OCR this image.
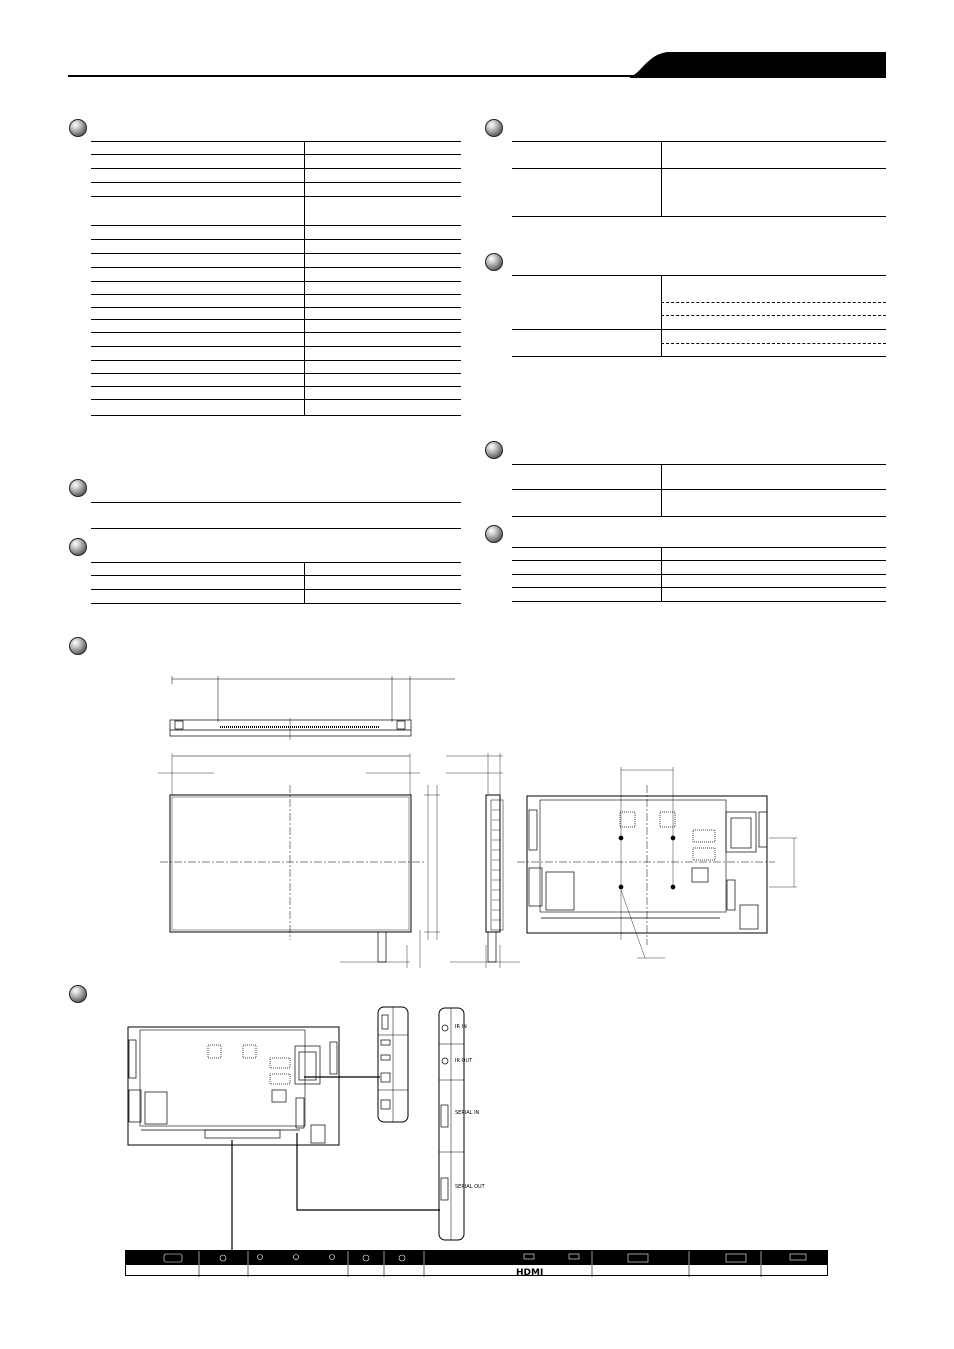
IR IN
IR OUT
SERIAL IN
SERIAL OUT
HDMI
